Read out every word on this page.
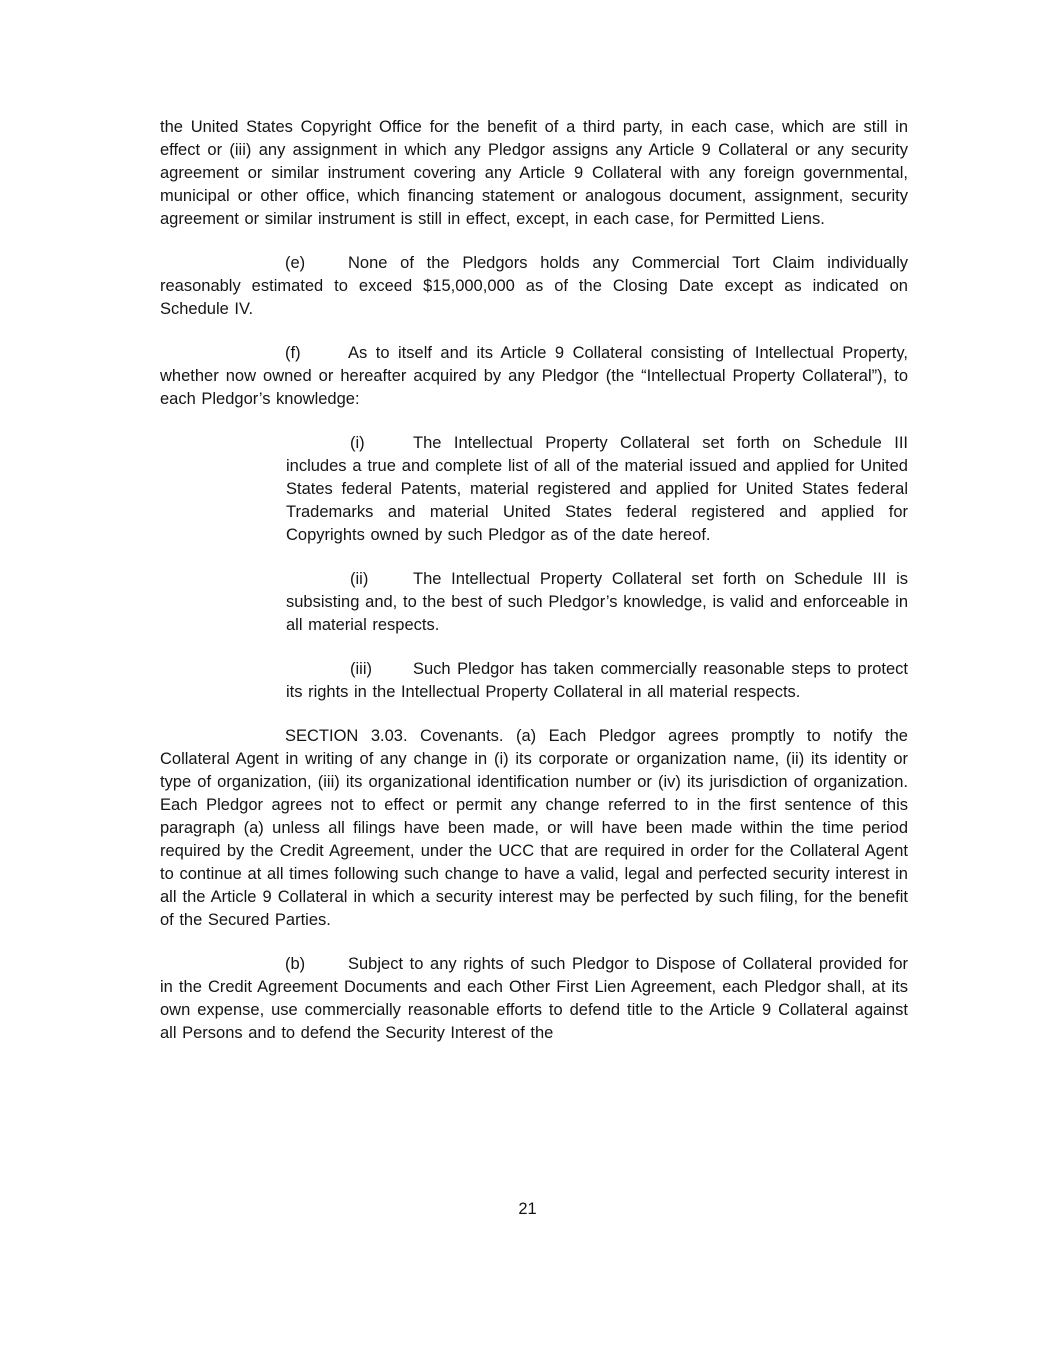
the United States Copyright Office for the benefit of a third party, in each case, which are still in effect or (iii) any assignment in which any Pledgor assigns any Article 9 Collateral or any security agreement or similar instrument covering any Article 9 Collateral with any foreign governmental, municipal or other office, which financing statement or analogous document, assignment, security agreement or similar instrument is still in effect, except, in each case, for Permitted Liens.

(e)	None of the Pledgors holds any Commercial Tort Claim individually reasonably estimated to exceed $15,000,000 as of the Closing Date except as indicated on Schedule IV.

(f)	As to itself and its Article 9 Collateral consisting of Intellectual Property, whether now owned or hereafter acquired by any Pledgor (the “Intellectual Property Collateral”), to each Pledgor’s knowledge:

(i)	The Intellectual Property Collateral set forth on Schedule III includes a true and complete list of all of the material issued and applied for United States federal Patents, material registered and applied for United States federal Trademarks and material United States federal registered and applied for Copyrights owned by such Pledgor as of the date hereof.

(ii)	The Intellectual Property Collateral set forth on Schedule III is subsisting and, to the best of such Pledgor’s knowledge, is valid and enforceable in all material respects.

(iii) Such Pledgor has taken commercially reasonable steps to protect its rights in the Intellectual Property Collateral in all material respects.

SECTION 3.03. Covenants. (a) Each Pledgor agrees promptly to notify the Collateral Agent in writing of any change in (i) its corporate or organization name, (ii) its identity or type of organization, (iii) its organizational identification number or (iv) its jurisdiction of organization. Each Pledgor agrees not to effect or permit any change referred to in the first sentence of this paragraph (a) unless all filings have been made, or will have been made within the time period required by the Credit Agreement, under the UCC that are required in order for the Collateral Agent to continue at all times following such change to have a valid, legal and perfected security interest in all the Article 9 Collateral in which a security interest may be perfected by such filing, for the benefit of the Secured Parties.

(b)	Subject to any rights of such Pledgor to Dispose of Collateral provided for in the Credit Agreement Documents and each Other First Lien Agreement, each Pledgor shall, at its own expense, use commercially reasonable efforts to defend title to the Article 9 Collateral against all Persons and to defend the Security Interest of the

21
